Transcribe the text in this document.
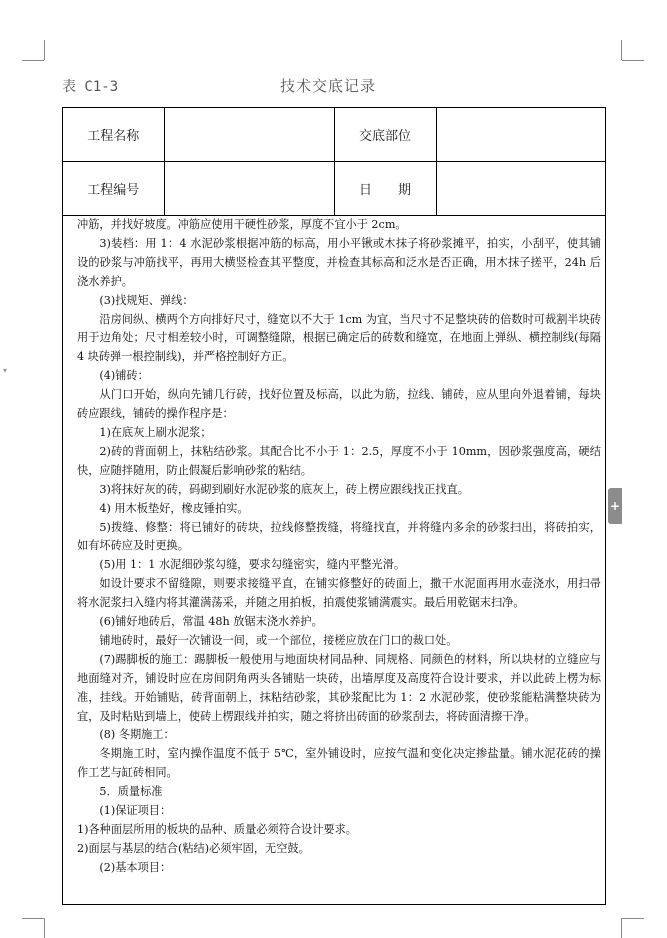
▾
表 C1-3	技术交底记录
工程名称		交底部位	
工程编号		日　　期	

冲筋，并找好坡度。冲筋应使用干硬性砂浆，厚度不宜小于 2cm。

3)装档：用 1：4 水泥砂浆根据冲筋的标高，用小平锹或木抹子将砂浆摊平，拍实，小刮平，使其铺设的砂浆与冲筋找平，再用大横竖检查其平整度，并检查其标高和泛水是否正确，用木抹子搓平，24h 后浇水养护。

(3)找规矩、弹线：

沿房间纵、横两个方向排好尺寸，缝宽以不大于 1cm 为宜，当尺寸不足整块砖的倍数时可裁割半块砖用于边角处；尺寸相差较小时，可调整缝隙，根据已确定后的砖数和缝宽，在地面上弹纵、横控制线(每隔 4 块砖弹一根控制线)，并严格控制好方正。

(4)铺砖：

从门口开始，纵向先铺几行砖，找好位置及标高，以此为筋，拉线、铺砖，应从里向外退着铺，每块砖应跟线，铺砖的操作程序是：

1)在底灰上刷水泥浆；

2)砖的背面朝上，抹粘结砂浆。其配合比不小于 1：2.5，厚度不小于 10mm，因砂浆强度高，硬结快，应随拌随用，防止假凝后影响砂浆的粘结。

3)将抹好灰的砖，码砌到刷好水泥砂浆的底灰上，砖上楞应跟线找正找直。

4) 用木板垫好，橡皮锤拍实。

5)拨缝、修整：将已铺好的砖块，拉线修整拨缝，将缝找直，并将缝内多余的砂浆扫出，将砖拍实，如有坏砖应及时更换。

(5)用 1：1 水泥细砂浆勾缝，要求勾缝密实，缝内平整光滑。

如设计要求不留缝隙，则要求接缝平直，在铺实修整好的砖面上，撒干水泥面再用水壶浇水，用扫帚将水泥浆扫入缝内将其灌满荡采，并随之用拍板，拍震使浆铺满震实。最后用乾锯末扫净。

(6)铺好地砖后，常温 48h 放锯末浇水养护。

铺地砖时，最好一次铺设一间，或一个部位，接槎应放在门口的裁口处。

(7)踢脚板的施工：踢脚板一般使用与地面块材同品种、同规格、同颜色的材料，所以块材的立缝应与地面缝对齐，铺设时应在房间阴角两头各铺贴一块砖，出墙厚度及高度符合设计要求，并以此砖上楞为标准，挂线。开始铺贴，砖背面朝上，抹粘结砂浆，其砂浆配比为 1：2 水泥砂浆，使砂浆能粘满整块砖为宜，及时粘贴到墙上，使砖上楞跟线并拍实，随之将挤出砖面的砂浆刮去，将砖面清擦干净。

(8) 冬期施工：

冬期施工时，室内操作温度不低于 5℃，室外铺设时，应按气温和变化决定掺盐量。铺水泥花砖的操作工艺与缸砖相同。

5．质量标准

(1)保证项目：

1)各种面层所用的板块的品种、质量必须符合设计要求。

2)面层与基层的结合(粘结)必须牢固，无空鼓。

(2)基本项目：

+
